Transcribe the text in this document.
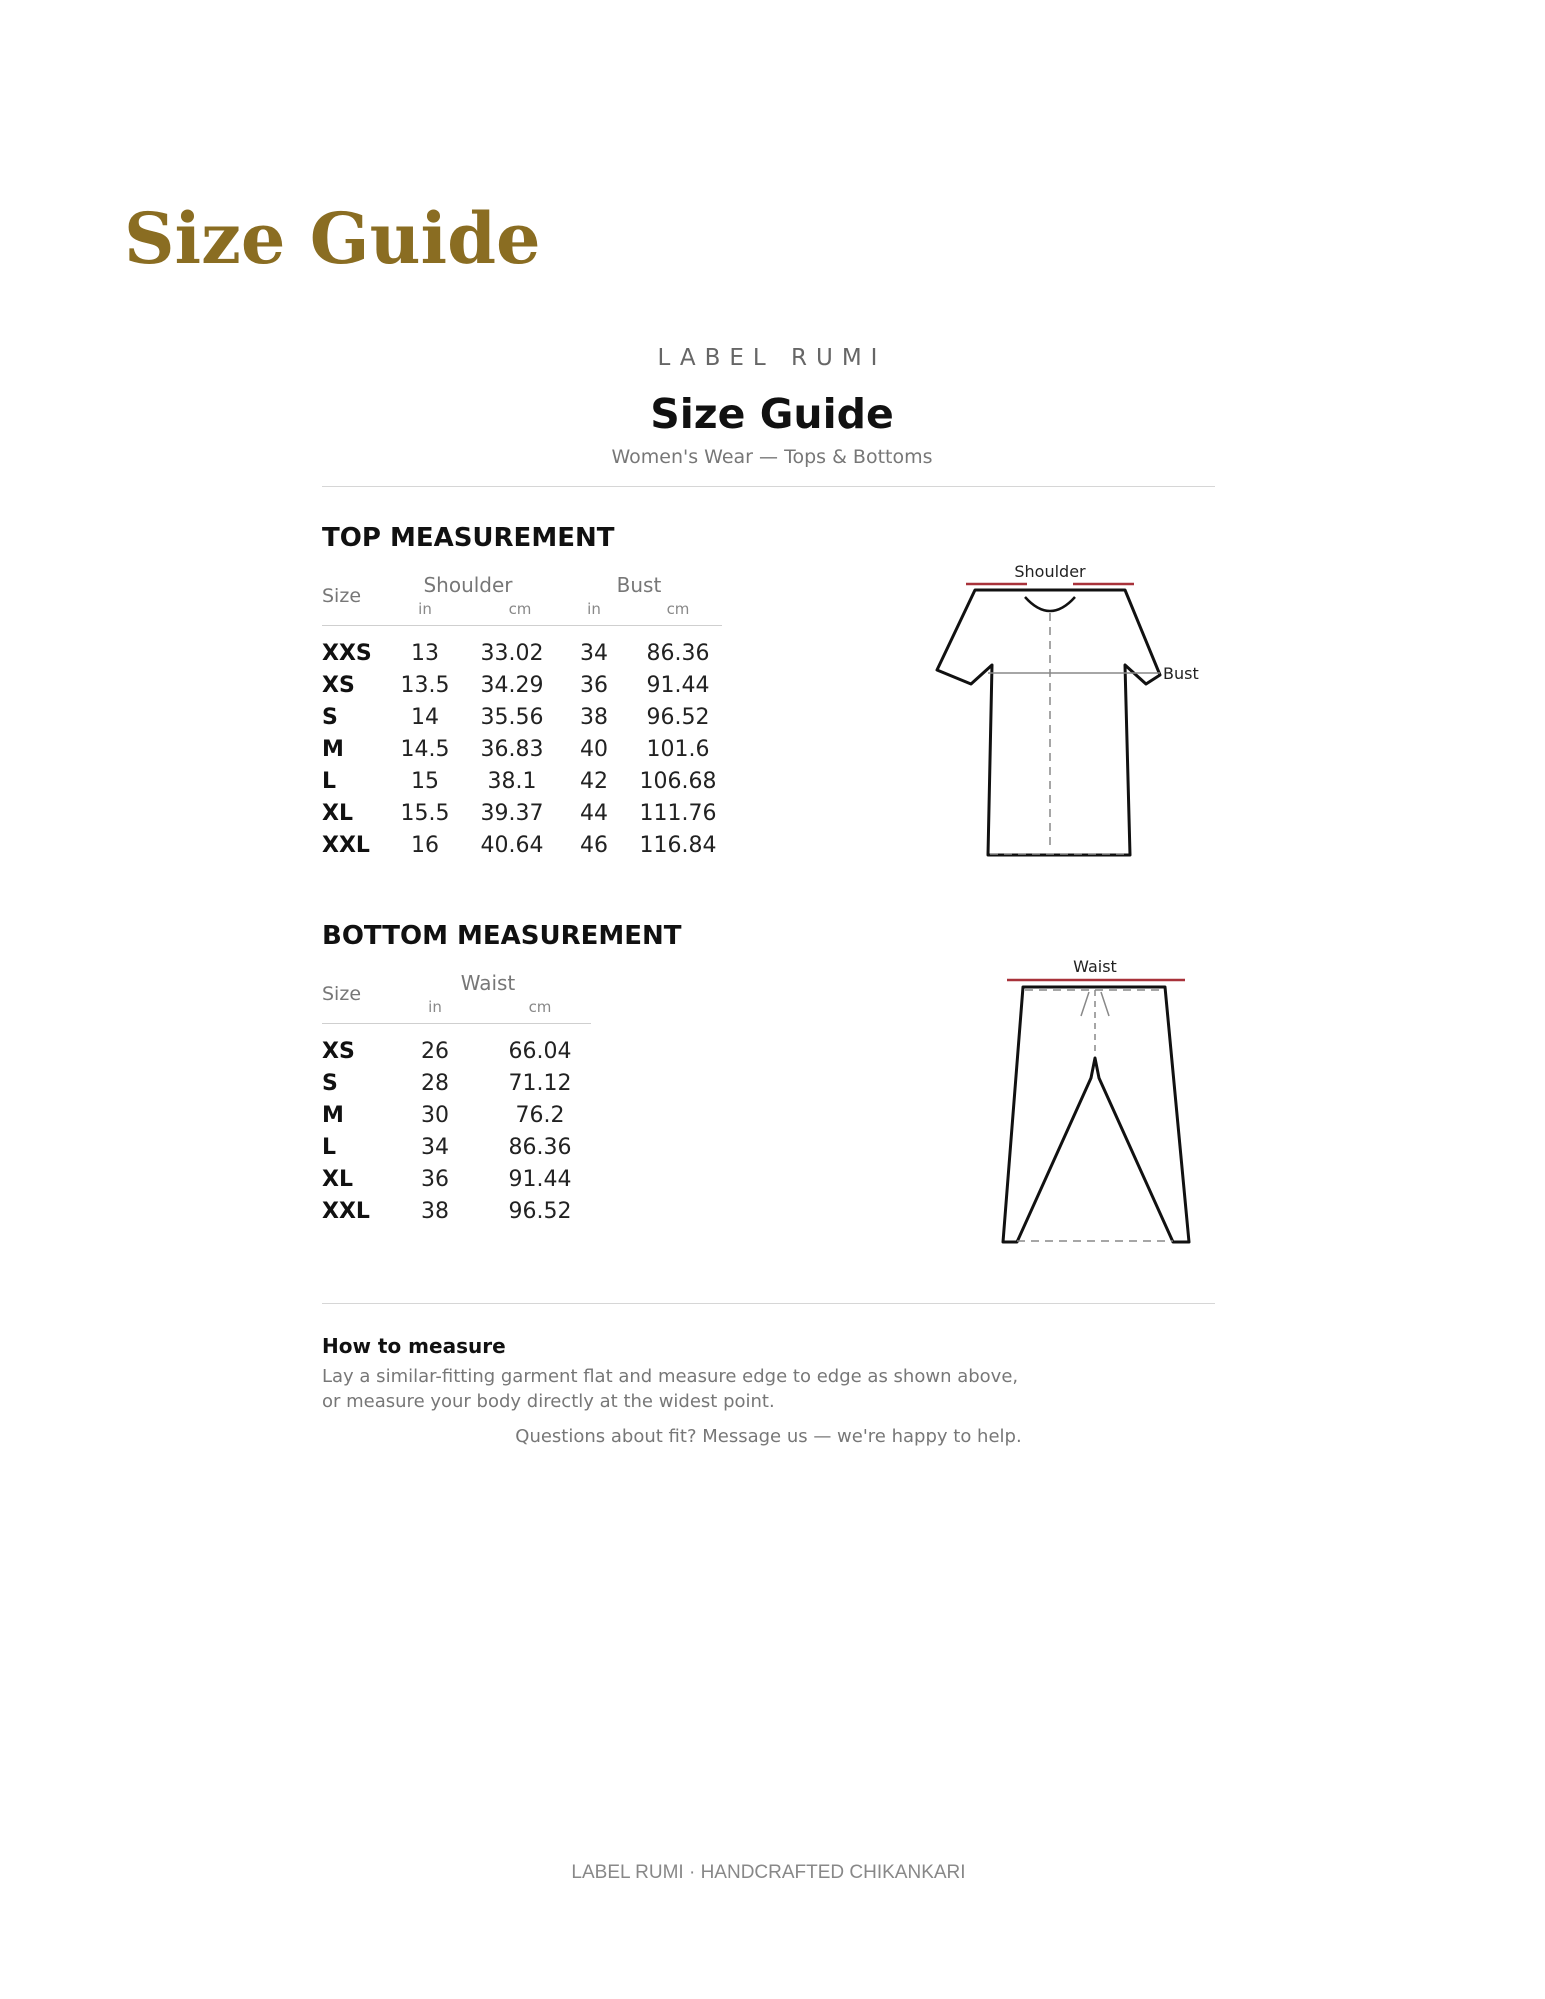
Size Guide
LABEL RUMI
Size Guide
Women's Wear — Tops & Bottoms
TOP MEASUREMENT
Size	Shoulder	Bust
in	cm	in	cm
XXS	13	33.02	34	86.36
XS 13.5	34.29	36	91.44
S	14	35.56	38	96.52
M	14.5	36.83	40	101.6
L	15	38.1	42	106.68
XL 15.5	39.37	44	111.76
XXL	16	40.64	46	116.84
Shoulder
Bust
BOTTOM MEASUREMENT
Size	Waist
in	cm
XS	26	66.04
S	28	71.12
M	30	76.2
L	34	86.36
XL	36	91.44
XXL	38	96.52
Waist
How to measure
Lay a similar-fitting garment flat and measure edge to edge as shown above, or measure your body directly at the widest point.
Questions about fit? Message us — we're happy to help.
LABEL RUMI · HANDCRAFTED CHIKANKARI
